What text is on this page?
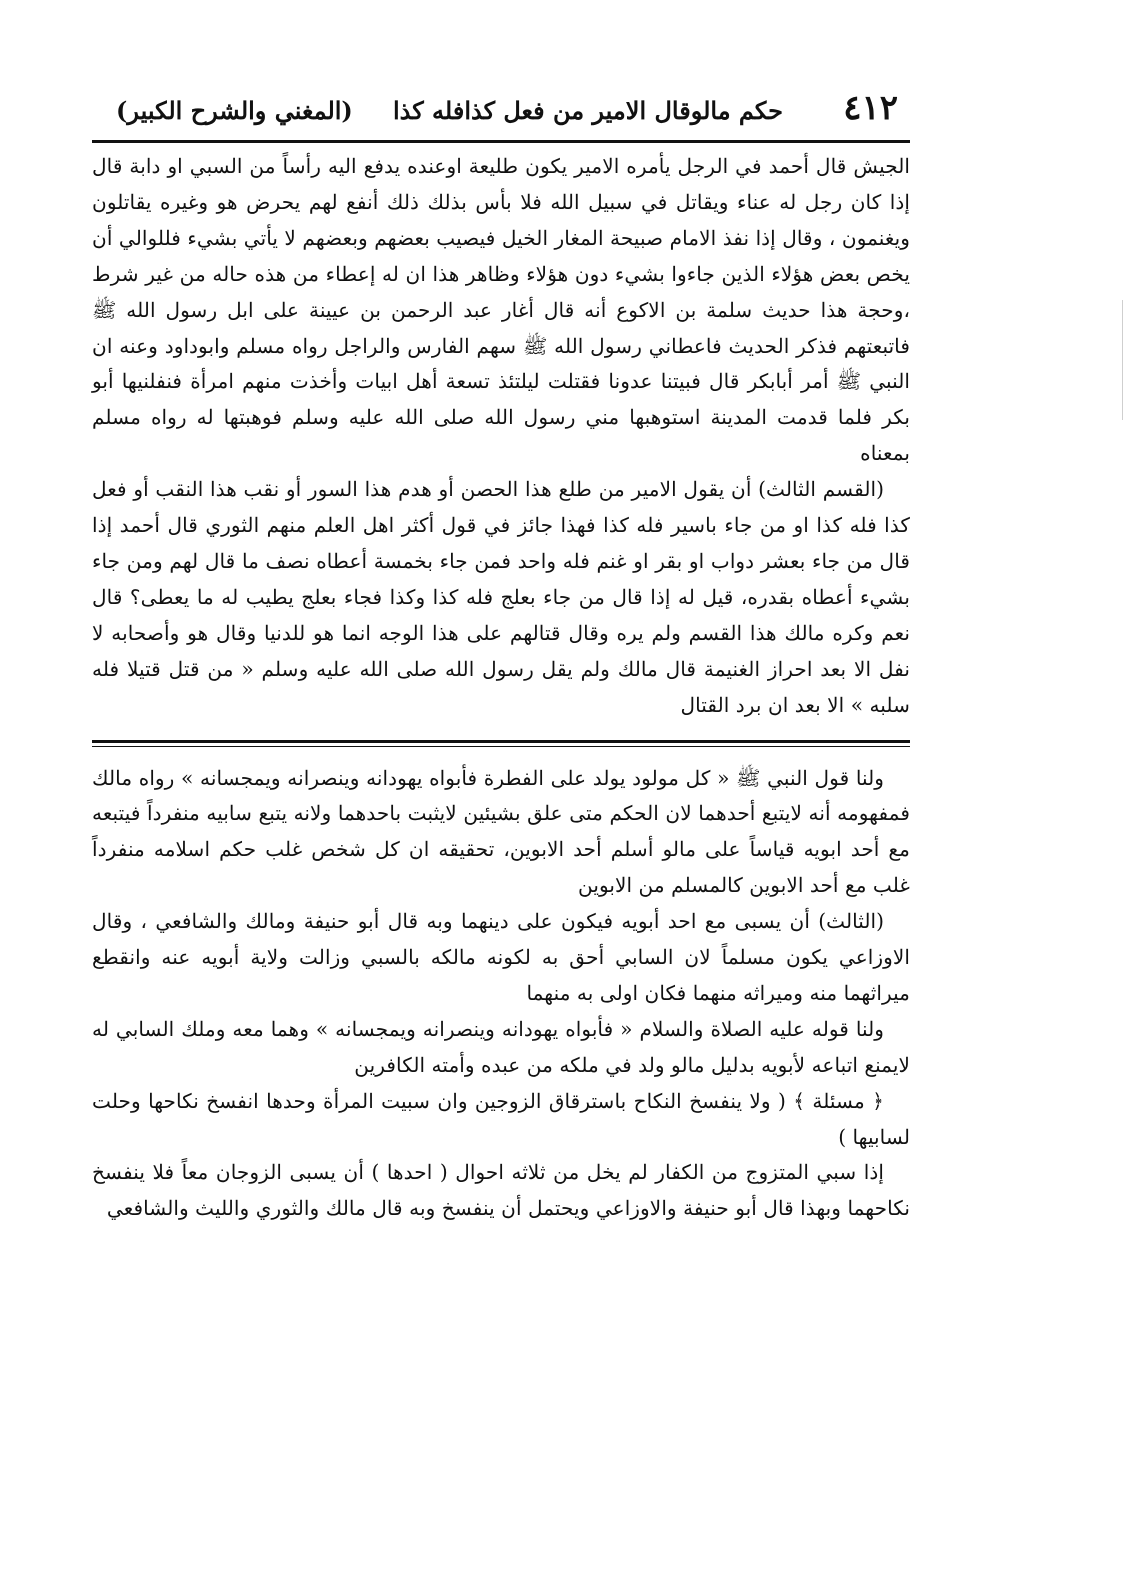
٤١٢
حكم مالوقال الامير من فعل كذافله كذا
(المغني والشرح الكبير)

الجيش قال أحمد في الرجل يأمره الامير يكون طليعة اوعنده يدفع اليه رأساً من السبي او دابة قال إذا كان رجل له عناء ويقاتل في سبيل الله فلا بأس بذلك ذلك أنفع لهم يحرض هو وغيره يقاتلون ويغنمون ، وقال إذا نفذ الامام صبيحة المغار الخيل فيصيب بعضهم وبعضهم لا يأتي بشيء فللوالي أن يخص بعض هؤلاء الذين جاءوا بشيء دون هؤلاء وظاهر هذا ان له إعطاء من هذه حاله من غير شرط ،وحجة هذا حديث سلمة بن الاكوع أنه قال أغار عبد الرحمن بن عيينة على ابل رسول الله ﷺ فاتبعتهم فذكر الحديث فاعطاني رسول الله ﷺ سهم الفارس والراجل رواه مسلم وابوداود وعنه ان النبي ﷺ أمر أبابكر قال فبيتنا عدونا فقتلت ليلتئذ تسعة أهل ابيات وأخذت منهم امرأة فنفلنيها أبو بكر فلما قدمت المدينة استوهبها مني رسول الله صلى الله عليه وسلم فوهبتها له رواه مسلم بمعناه

(القسم الثالث) أن يقول الامير من طلع هذا الحصن أو هدم هذا السور أو نقب هذا النقب أو فعل كذا فله كذا او من جاء باسير فله كذا فهذا جائز في قول أكثر اهل العلم منهم الثوري قال أحمد إذا قال من جاء بعشر دواب او بقر او غنم فله واحد فمن جاء بخمسة أعطاه نصف ما قال لهم ومن جاء بشيء أعطاه بقدره، قيل له إذا قال من جاء بعلج فله كذا وكذا فجاء بعلج يطيب له ما يعطى؟ قال نعم وكره مالك هذا القسم ولم يره وقال قتالهم على هذا الوجه انما هو للدنيا وقال هو وأصحابه لا نفل الا بعد احراز الغنيمة قال مالك ولم يقل رسول الله صلى الله عليه وسلم « من قتل قتيلا فله سلبه » الا بعد ان برد القتال

ولنا قول النبي ﷺ « كل مولود يولد على الفطرة فأبواه يهودانه وينصرانه ويمجسانه » رواه مالك فمفهومه أنه لايتبع أحدهما لان الحكم متى علق بشيئين لايثبت باحدهما ولانه يتبع سابيه منفرداً فيتبعه مع أحد ابويه قياساً على مالو أسلم أحد الابوين، تحقيقه ان كل شخص غلب حكم اسلامه منفرداً غلب مع أحد الابوين كالمسلم من الابوين

(الثالث) أن يسبى مع احد أبويه فيكون على دينهما وبه قال أبو حنيفة ومالك والشافعي ، وقال الاوزاعي يكون مسلماً لان السابي أحق به لكونه مالكه بالسبي وزالت ولاية أبويه عنه وانقطع ميراثهما منه وميراثه منهما فكان اولى به منهما

ولنا قوله عليه الصلاة والسلام « فأبواه يهودانه وينصرانه ويمجسانه » وهما معه وملك السابي له لايمنع اتباعه لأبويه بدليل مالو ولد في ملكه من عبده وأمته الكافرين

﴿ مسئلة ﴾ ( ولا ينفسخ النكاح باسترقاق الزوجين وان سبيت المرأة وحدها انفسخ نكاحها وحلت لسابيها )

إذا سبي المتزوج من الكفار لم يخل من ثلاثه احوال ( احدها ) أن يسبى الزوجان معاً فلا ينفسخ نكاحهما وبهذا قال أبو حنيفة والاوزاعي ويحتمل أن ينفسخ وبه قال مالك والثوري والليث والشافعي
